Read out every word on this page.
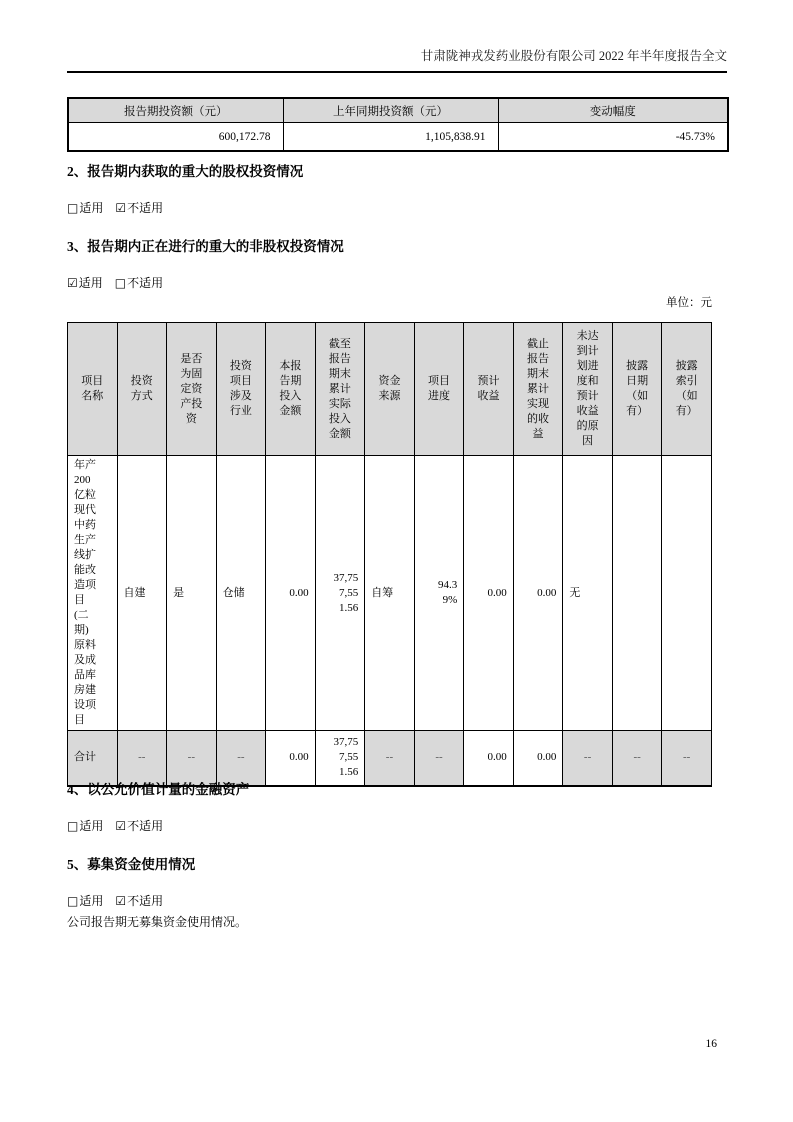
甘肃陇神戎发药业股份有限公司 2022 年半年度报告全文
报告期投资额（元）	上年同期投资额（元）	变动幅度
600,172.78	1,105,838.91	-45.73%
2、报告期内获取的重大的股权投资情况
□适用 ☑不适用
3、报告期内正在进行的重大的非股权投资情况
☑适用 □不适用
单位：元
项目名称	投资方式	是否为固定资产投资	投资项目涉及行业	本报告期投入金额	截至报告期末累计实际投入金额	资金来源	项目进度	预计收益	截止报告期末累计实现的收益	未达到计划进度和预计收益的原因	披露日期（如有）	披露索引（如有）
年产200亿粒现代中药生产线扩能改造项目(二期)原料及成品库房建设项目	自建	是	仓储	0.00	37,757,551.56	自筹	94.39%	0.00	0.00	无		
合计	--	--	--	0.00	37,757,551.56	--	--	0.00	0.00	--	--	--
4、以公允价值计量的金融资产
□适用 ☑不适用
5、募集资金使用情况
□适用 ☑不适用
公司报告期无募集资金使用情况。
16
